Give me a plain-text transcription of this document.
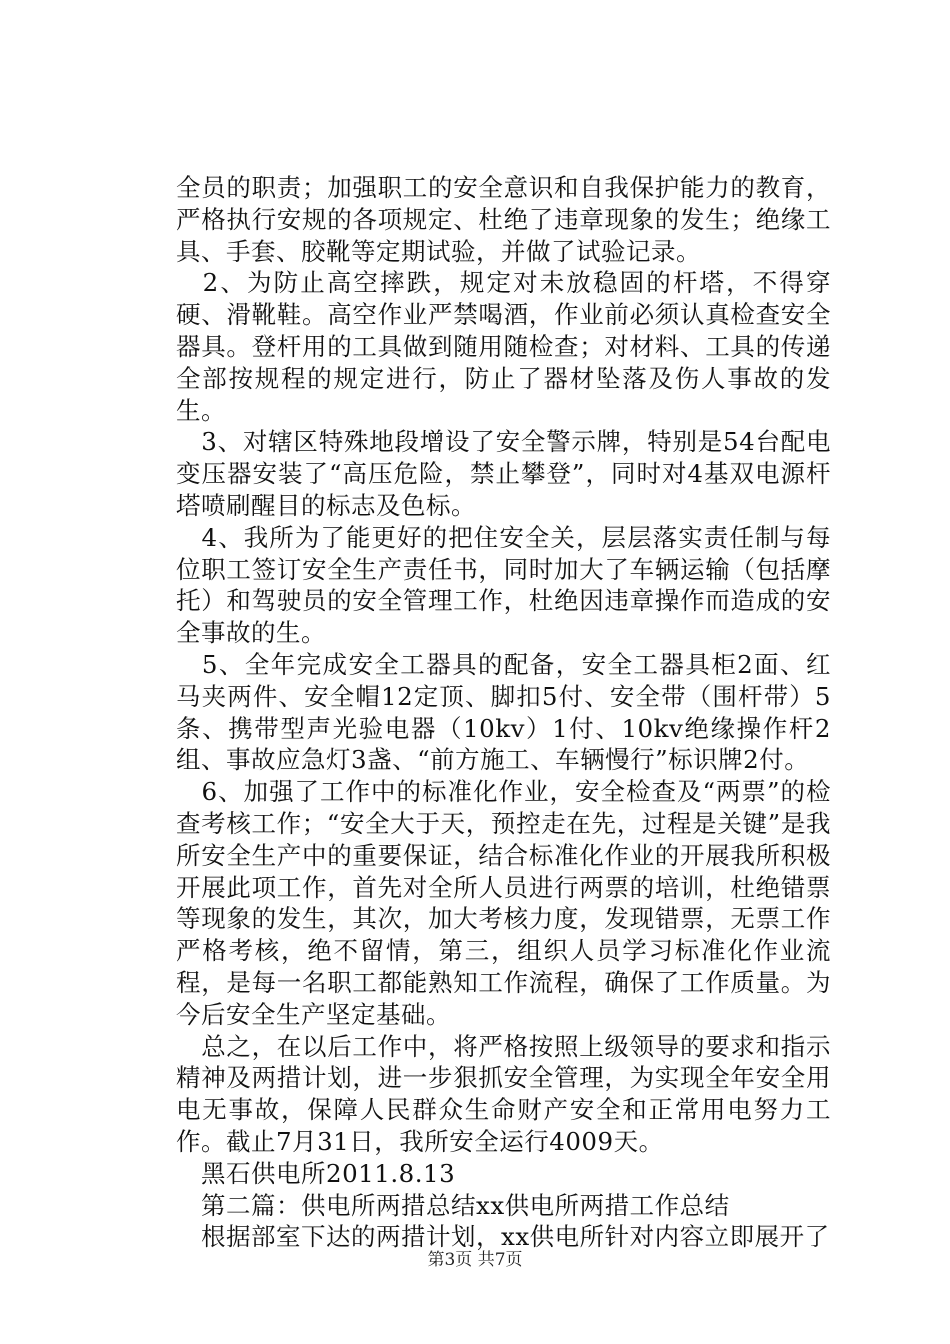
全员的职责；加强职工的安全意识和自我保护能力的教育，严格执行安规的各项规定、杜绝了违章现象的发生；绝缘工具、手套、胶靴等定期试验，并做了试验记录。

　2、为防止高空摔跌，规定对未放稳固的杆塔，不得穿硬、滑靴鞋。高空作业严禁喝酒，作业前必须认真检查安全器具。登杆用的工具做到随用随检查；对材料、工具的传递全部按规程的规定进行，防止了器材坠落及伤人事故的发生。

　3、对辖区特殊地段增设了安全警示牌，特别是54台配电变压器安装了“高压危险，禁止攀登”，同时对4基双电源杆塔喷刷醒目的标志及色标。

　4、我所为了能更好的把住安全关，层层落实责任制与每位职工签订安全生产责任书，同时加大了车辆运输（包括摩托）和驾驶员的安全管理工作，杜绝因违章操作而造成的安全事故的生。

　5、全年完成安全工器具的配备，安全工器具柜2面、红马夹两件、安全帽12定顶、脚扣5付、安全带（围杆带）5条、携带型声光验电器（10kv）1付、10kv绝缘操作杆2组、事故应急灯3盏、“前方施工、车辆慢行”标识牌2付。

　6、加强了工作中的标准化作业，安全检查及“两票”的检查考核工作；“安全大于天，预控走在先，过程是关键”是我所安全生产中的重要保证，结合标准化作业的开展我所积极开展此项工作，首先对全所人员进行两票的培训，杜绝错票等现象的发生，其次，加大考核力度，发现错票，无票工作严格考核，绝不留情，第三，组织人员学习标准化作业流程，是每一名职工都能熟知工作流程，确保了工作质量。为今后安全生产坚定基础。

　总之，在以后工作中，将严格按照上级领导的要求和指示精神及两措计划，进一步狠抓安全管理，为实现全年安全用电无事故，保障人民群众生命财产安全和正常用电努力工作。截止7月31日，我所安全运行4009天。

　黑石供电所2011.8.13

　第二篇：供电所两措总结xx供电所两措工作总结

　根据部室下达的两措计划，xx供电所针对内容立即展开了

第3页 共7页
